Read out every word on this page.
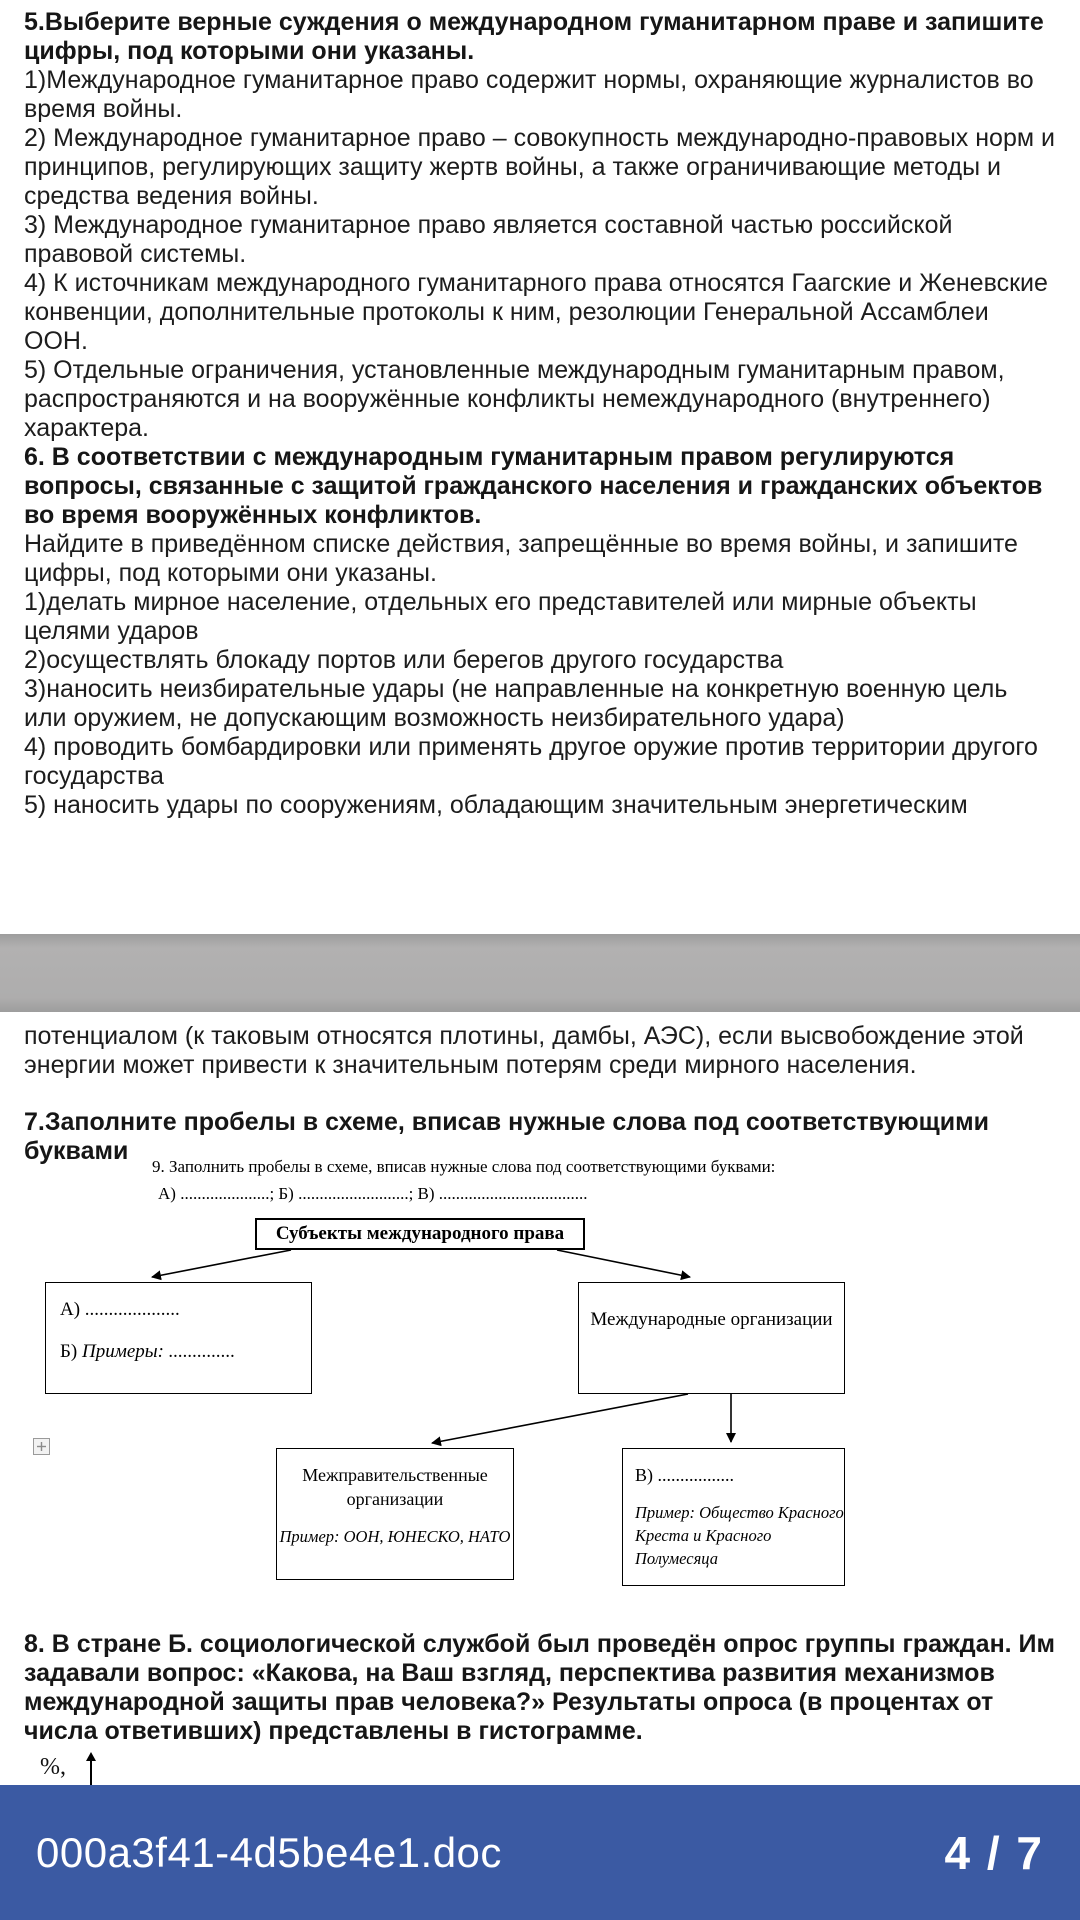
5.Выберите верные суждения о международном гуманитарном праве и запишите цифры, под которыми они указаны.

1)Международное гуманитарное право содержит нормы, охраняющие журналистов во время войны.

2) Международное гуманитарное право – совокупность международно-правовых норм и принципов, регулирующих защиту жертв войны, а также ограничивающие методы и средства ведения войны.

3) Международное гуманитарное право является составной частью российской правовой системы.

4) К источникам международного гуманитарного права относятся Гаагские и Женевские конвенции, дополнительные протоколы к ним, резолюции Генеральной Ассамблеи ООН.

5) Отдельные ограничения, установленные международным гуманитарным правом, распространяются и на вооружённые конфликты немеждународного (внутреннего) характера.

6. В соответствии с международным гуманитарным правом регулируются вопросы, связанные с защитой гражданского населения и гражданских объектов во время вооружённых конфликтов.

Найдите в приведённом списке действия, запрещённые во время войны, и запишите цифры, под которыми они указаны.

1)делать мирное население, отдельных его представителей или мирные объекты целями ударов

2)осуществлять блокаду портов или берегов другого государства

3)наносить неизбирательные удары (не направленные на конкретную военную цель или оружием, не допускающим возможность неизбирательного удара)

4) проводить бомбардировки или применять другое оружие против территории другого государства

5) наносить удары по сооружениям, обладающим значительным энергетическим

потенциалом (к таковым относятся плотины, дамбы, АЭС), если высвобождение этой энергии может привести к значительным потерям среди мирного населения.

7.Заполните пробелы в схеме, вписав нужные слова под соответствующими буквами

9. Заполнить пробелы в схеме, вписав нужные слова под соответствующими буквами:
А) .....................; Б) ..........................; В) ...................................
Субъекты международного права
А) ....................
Б) Примеры: ..............
Международные организации
Межправительственные
организации
Пример: ООН, ЮНЕСКО, НАТО
В) .................
Пример: Общество Красного
Креста и Красного
Полумесяца

8. В стране Б. социологической службой был проведён опрос группы граждан. Им задавали вопрос: «Какова, на Ваш взгляд, перспектива развития механизмов международной защиты прав человека?» Результаты опроса (в процентах от числа ответивших) представлены в гистограмме.

%,
000a3f41-4d5be4e1.doc	4 / 7
